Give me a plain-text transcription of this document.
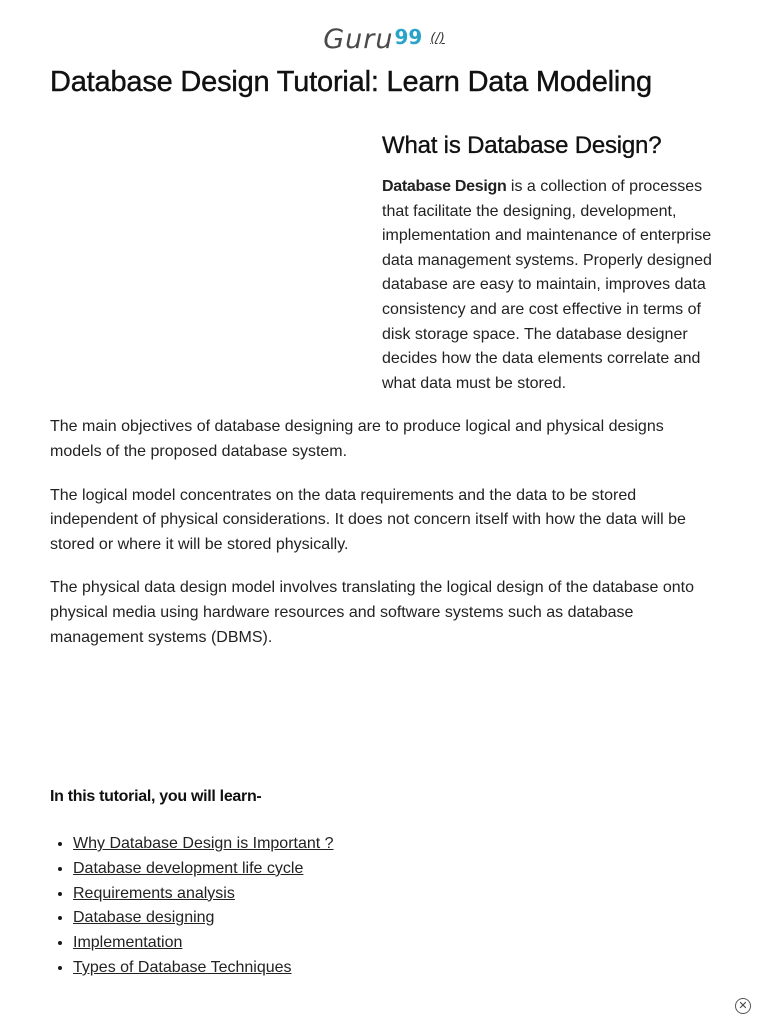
Guru 99 (/)
Database Design Tutorial: Learn Data Modeling
What is Database Design?

Database Design is a collection of processes that facilitate the designing, development, implementation and maintenance of enterprise data management systems. Properly designed database are easy to maintain, improves data consistency and are cost effective in terms of disk storage space. The database designer decides how the data elements correlate and what data must be stored.

The main objectives of database designing are to produce logical and physical designs models of the proposed database system.

The logical model concentrates on the data requirements and the data to be stored independent of physical considerations. It does not concern itself with how the data will be stored or where it will be stored physically.

The physical data design model involves translating the logical design of the database onto physical media using hardware resources and software systems such as database management systems (DBMS).

In this tutorial, you will learn-
• Why Database Design is Important ?
• Database development life cycle
• Requirements analysis
• Database designing
• Implementation
• Types of Database Techniques
✕
